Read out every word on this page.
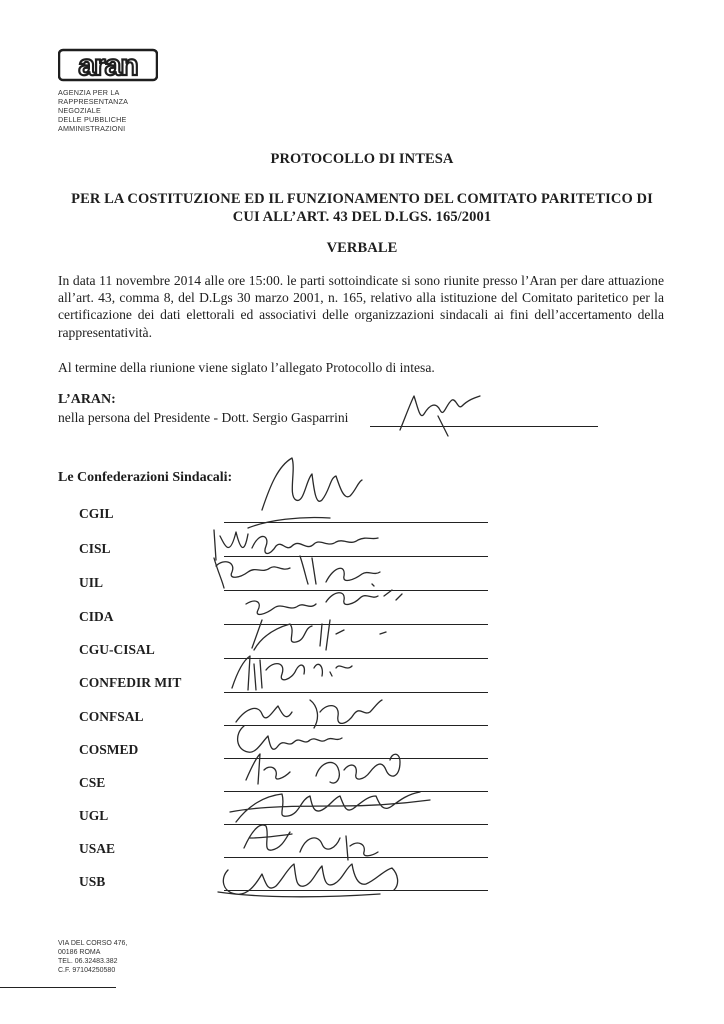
aran
AGENZIA PER LA
RAPPRESENTANZA
NEGOZIALE
DELLE PUBBLICHE
AMMINISTRAZIONI
PROTOCOLLO DI INTESA
PER LA COSTITUZIONE ED IL FUNZIONAMENTO DEL COMITATO PARITETICO DI
CUI ALL’ART. 43 DEL D.LGS. 165/2001
VERBALE
In data 11 novembre 2014 alle ore 15:00. le parti sottoindicate si sono riunite presso l’Aran per dare attuazione all’art. 43, comma 8, del D.Lgs 30 marzo 2001, n. 165, relativo alla istituzione del Comitato paritetico per la certificazione dei dati elettorali ed associativi delle organizzazioni sindacali ai fini dell’accertamento della rappresentatività.
Al termine della riunione viene siglato l’allegato Protocollo di intesa.
L’ARAN:
nella persona del Presidente - Dott. Sergio Gasparrini
Le Confederazioni Sindacali:
CGIL
CISL
UIL
CIDA
CGU-CISAL
CONFEDIR MIT
CONFSAL
COSMED
CSE
UGL
USAE
USB
VIA DEL CORSO 476,
00186 ROMA
TEL. 06.32483.382
C.F. 97104250580
